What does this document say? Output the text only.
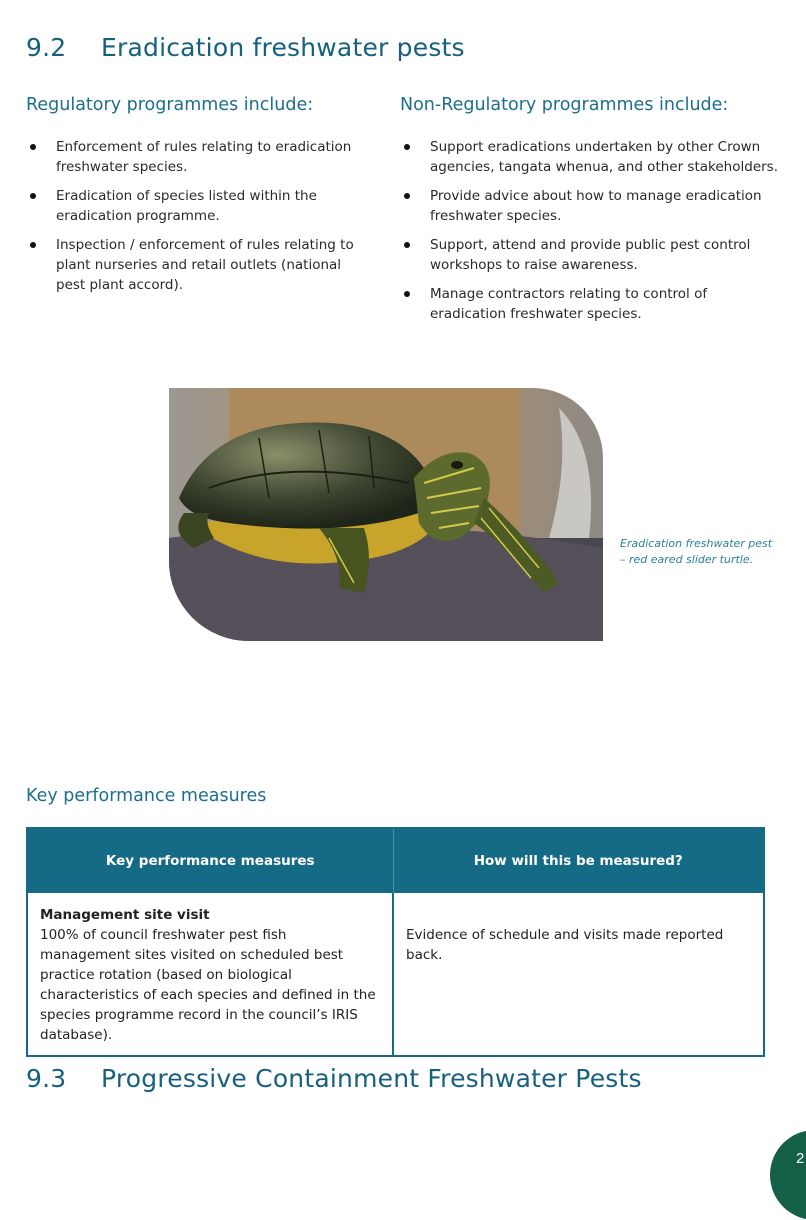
9.2 Eradication freshwater pests
Regulatory programmes include:	Non-Regulatory programmes include:
Enforcement of rules relating to eradication freshwater species.
Eradication of species listed within the eradication programme.
Inspection / enforcement of rules relating to plant nurseries and retail outlets (national pest plant accord).
Support eradications undertaken by other Crown agencies, tangata whenua, and other stakeholders.
Provide advice about how to manage eradication freshwater species.
Support, attend and provide public pest control workshops to raise awareness.
Manage contractors relating to control of eradication freshwater species.
Eradication freshwater pest
– red eared slider turtle.
Key performance measures
Key performance measures	How will this be measured?

Management site visit
100% of council freshwater pest fish management sites visited on scheduled best practice rotation (based on biological characteristics of each species and defined in the species programme record in the council’s IRIS database).	Evidence of schedule and visits made reported back.
9.3 Progressive Containment Freshwater Pests
2
